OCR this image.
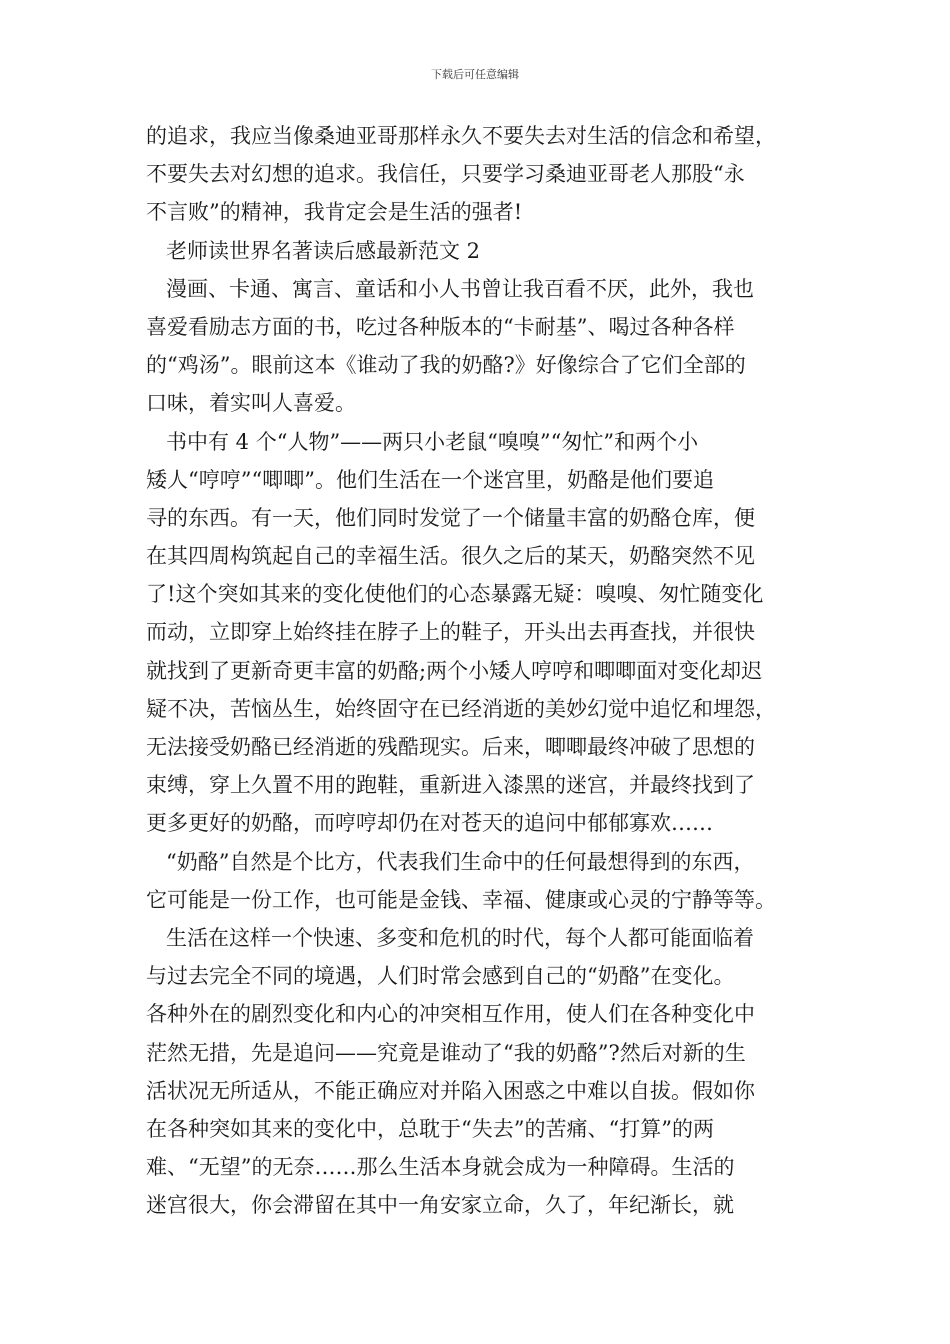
下载后可任意编辑
的追求，我应当像桑迪亚哥那样永久不要失去对生活的信念和希望，
不要失去对幻想的追求。我信任，只要学习桑迪亚哥老人那股“永
不言败”的精神，我肯定会是生活的强者!
老师读世界名著读后感最新范文 2
漫画、卡通、寓言、童话和小人书曾让我百看不厌，此外，我也
喜爱看励志方面的书，吃过各种版本的“卡耐基”、喝过各种各样
的“鸡汤”。眼前这本《谁动了我的奶酪?》好像综合了它们全部的
口味，着实叫人喜爱。
书中有 4 个“人物”——两只小老鼠“嗅嗅”“匆忙”和两个小
矮人“哼哼”“唧唧”。他们生活在一个迷宫里，奶酪是他们要追
寻的东西。有一天，他们同时发觉了一个储量丰富的奶酪仓库，便
在其四周构筑起自己的幸福生活。很久之后的某天，奶酪突然不见
了!这个突如其来的变化使他们的心态暴露无疑：嗅嗅、匆忙随变化
而动，立即穿上始终挂在脖子上的鞋子，开头出去再查找，并很快
就找到了更新奇更丰富的奶酪;两个小矮人哼哼和唧唧面对变化却迟
疑不决，苦恼丛生，始终固守在已经消逝的美妙幻觉中追忆和埋怨，
无法接受奶酪已经消逝的残酷现实。后来，唧唧最终冲破了思想的
束缚，穿上久置不用的跑鞋，重新进入漆黑的迷宫，并最终找到了
更多更好的奶酪，而哼哼却仍在对苍天的追问中郁郁寡欢……
“奶酪”自然是个比方，代表我们生命中的任何最想得到的东西，
它可能是一份工作，也可能是金钱、幸福、健康或心灵的宁静等等。
生活在这样一个快速、多变和危机的时代，每个人都可能面临着
与过去完全不同的境遇，人们时常会感到自己的“奶酪”在变化。
各种外在的剧烈变化和内心的冲突相互作用，使人们在各种变化中
茫然无措，先是追问——究竟是谁动了“我的奶酪”?然后对新的生
活状况无所适从，不能正确应对并陷入困惑之中难以自拔。假如你
在各种突如其来的变化中，总耽于“失去”的苦痛、“打算”的两
难、“无望”的无奈……那么生活本身就会成为一种障碍。生活的
迷宫很大，你会滞留在其中一角安家立命，久了，年纪渐长，就
